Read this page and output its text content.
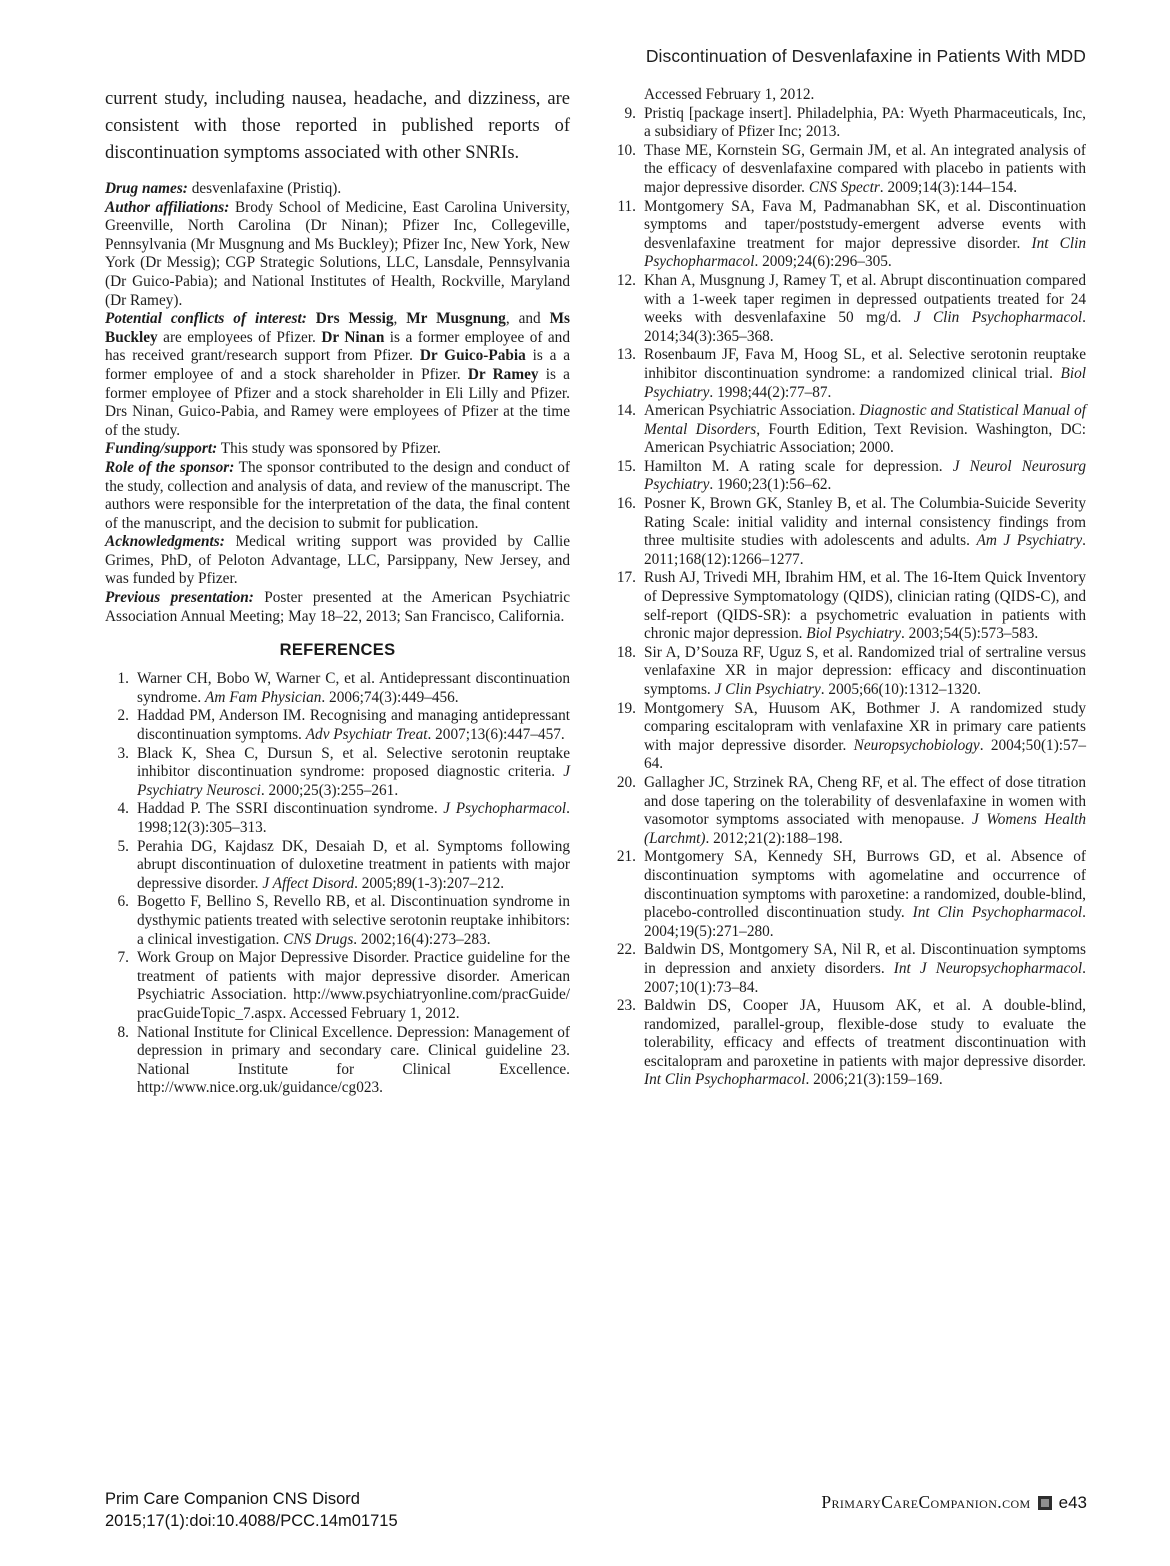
Discontinuation of Desvenlafaxine in Patients With MDD

current study, including nausea, headache, and dizziness, are consistent with those reported in published reports of discontinuation symptoms associated with other SNRIs.

Drug names: desvenlafaxine (Pristiq).

Author affiliations: Brody School of Medicine, East Carolina University, Greenville, North Carolina (Dr Ninan); Pfizer Inc, Collegeville, Pennsylvania (Mr Musgnung and Ms Buckley); Pfizer Inc, New York, New York (Dr Messig); CGP Strategic Solutions, LLC, Lansdale, Pennsylvania (Dr Guico-Pabia); and National Institutes of Health, Rockville, Maryland (Dr Ramey).

Potential conflicts of interest: Drs Messig, Mr Musgnung, and Ms Buckley are employees of Pfizer. Dr Ninan is a former employee of and has received grant/research support from Pfizer. Dr Guico-Pabia is a a former employee of and a stock shareholder in Pfizer. Dr Ramey is a former employee of Pfizer and a stock shareholder in Eli Lilly and Pfizer. Drs Ninan, Guico-Pabia, and Ramey were employees of Pfizer at the time of the study.

Funding/support: This study was sponsored by Pfizer.

Role of the sponsor: The sponsor contributed to the design and conduct of the study, collection and analysis of data, and review of the manuscript. The authors were responsible for the interpretation of the data, the final content of the manuscript, and the decision to submit for publication.

Acknowledgments: Medical writing support was provided by Callie Grimes, PhD, of Peloton Advantage, LLC, Parsippany, New Jersey, and was funded by Pfizer.

Previous presentation: Poster presented at the American Psychiatric Association Annual Meeting; May 18–22, 2013; San Francisco, California.

REFERENCES
1. Warner CH, Bobo W, Warner C, et al. Antidepressant discontinuation syndrome. Am Fam Physician. 2006;74(3):449–456.
2. Haddad PM, Anderson IM. Recognising and managing antidepressant discontinuation symptoms. Adv Psychiatr Treat. 2007;13(6):447–457.
3. Black K, Shea C, Dursun S, et al. Selective serotonin reuptake inhibitor discontinuation syndrome: proposed diagnostic criteria. J Psychiatry Neurosci. 2000;25(3):255–261.
4. Haddad P. The SSRI discontinuation syndrome. J Psychopharmacol. 1998;12(3):305–313.
5. Perahia DG, Kajdasz DK, Desaiah D, et al. Symptoms following abrupt discontinuation of duloxetine treatment in patients with major depressive disorder. J Affect Disord. 2005;89(1-3):207–212.
6. Bogetto F, Bellino S, Revello RB, et al. Discontinuation syndrome in dysthymic patients treated with selective serotonin reuptake inhibitors: a clinical investigation. CNS Drugs. 2002;16(4):273–283.
7. Work Group on Major Depressive Disorder. Practice guideline for the treatment of patients with major depressive disorder. American Psychiatric Association. http://www.psychiatryonline.com/pracGuide/ pracGuideTopic_7.aspx. Accessed February 1, 2012.
8. National Institute for Clinical Excellence. Depression: Management of depression in primary and secondary care. Clinical guideline 23. National Institute for Clinical Excellence. http://www.nice.org.uk/guidance/cg023.
Accessed February 1, 2012.
9. Pristiq [package insert]. Philadelphia, PA: Wyeth Pharmaceuticals, Inc, a subsidiary of Pfizer Inc; 2013.
10. Thase ME, Kornstein SG, Germain JM, et al. An integrated analysis of the efficacy of desvenlafaxine compared with placebo in patients with major depressive disorder. CNS Spectr. 2009;14(3):144–154.
11. Montgomery SA, Fava M, Padmanabhan SK, et al. Discontinuation symptoms and taper/poststudy-emergent adverse events with desvenlafaxine treatment for major depressive disorder. Int Clin Psychopharmacol. 2009;24(6):296–305.
12. Khan A, Musgnung J, Ramey T, et al. Abrupt discontinuation compared with a 1-week taper regimen in depressed outpatients treated for 24 weeks with desvenlafaxine 50 mg/d. J Clin Psychopharmacol. 2014;34(3):365–368.
13. Rosenbaum JF, Fava M, Hoog SL, et al. Selective serotonin reuptake inhibitor discontinuation syndrome: a randomized clinical trial. Biol Psychiatry. 1998;44(2):77–87.
14. American Psychiatric Association. Diagnostic and Statistical Manual of Mental Disorders, Fourth Edition, Text Revision. Washington, DC: American Psychiatric Association; 2000.
15. Hamilton M. A rating scale for depression. J Neurol Neurosurg Psychiatry. 1960;23(1):56–62.
16. Posner K, Brown GK, Stanley B, et al. The Columbia-Suicide Severity Rating Scale: initial validity and internal consistency findings from three multisite studies with adolescents and adults. Am J Psychiatry. 2011;168(12):1266–1277.
17. Rush AJ, Trivedi MH, Ibrahim HM, et al. The 16-Item Quick Inventory of Depressive Symptomatology (QIDS), clinician rating (QIDS-C), and self-report (QIDS-SR): a psychometric evaluation in patients with chronic major depression. Biol Psychiatry. 2003;54(5):573–583.
18. Sir A, D’Souza RF, Uguz S, et al. Randomized trial of sertraline versus venlafaxine XR in major depression: efficacy and discontinuation symptoms. J Clin Psychiatry. 2005;66(10):1312–1320.
19. Montgomery SA, Huusom AK, Bothmer J. A randomized study comparing escitalopram with venlafaxine XR in primary care patients with major depressive disorder. Neuropsychobiology. 2004;50(1):57–64.
20. Gallagher JC, Strzinek RA, Cheng RF, et al. The effect of dose titration and dose tapering on the tolerability of desvenlafaxine in women with vasomotor symptoms associated with menopause. J Womens Health (Larchmt). 2012;21(2):188–198.
21. Montgomery SA, Kennedy SH, Burrows GD, et al. Absence of discontinuation symptoms with agomelatine and occurrence of discontinuation symptoms with paroxetine: a randomized, double-blind, placebo-controlled discontinuation study. Int Clin Psychopharmacol. 2004;19(5):271–280.
22. Baldwin DS, Montgomery SA, Nil R, et al. Discontinuation symptoms in depression and anxiety disorders. Int J Neuropsychopharmacol. 2007;10(1):73–84.
23. Baldwin DS, Cooper JA, Huusom AK, et al. A double-blind, randomized, parallel-group, flexible-dose study to evaluate the tolerability, efficacy and effects of treatment discontinuation with escitalopram and paroxetine in patients with major depressive disorder. Int Clin Psychopharmacol. 2006;21(3):159–169.
Prim Care Companion CNS Disord
2015;17(1):doi:10.4088/PCC.14m01715
PrimaryCareCompanion.com e43
